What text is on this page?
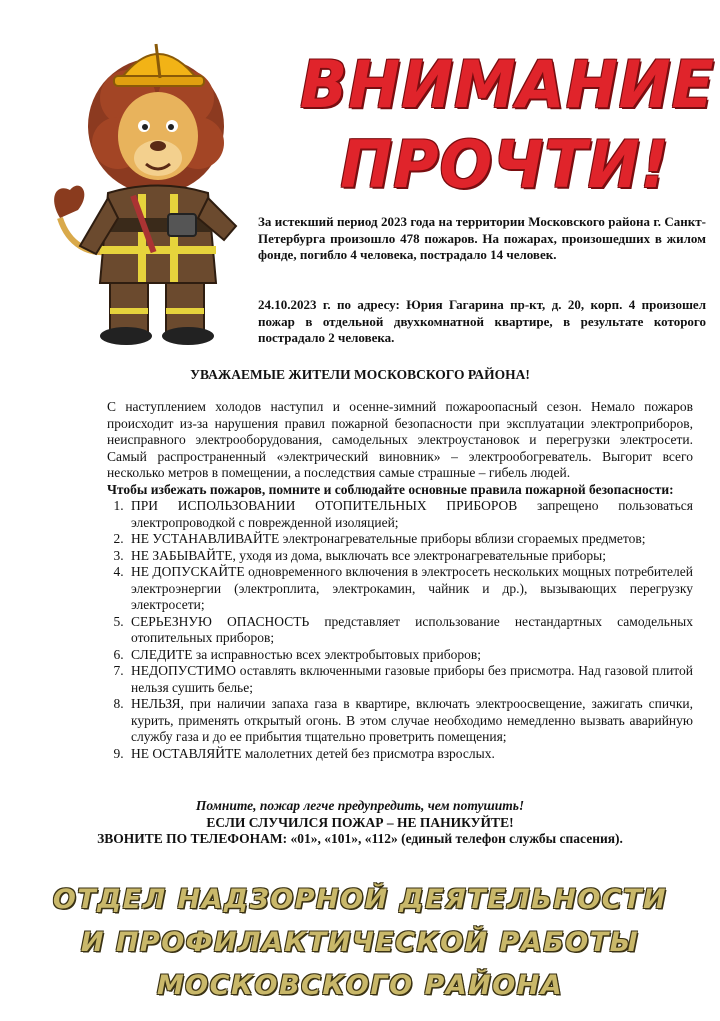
ВНИМАНИЕ
ПРОЧТИ!
За истекший период 2023 года на территории Московского района г. Санкт-Петербурга произошло 478 пожаров. На пожарах, произошедших в жилом фонде, погибло 4 человека, пострадало 14 человек.
24.10.2023 г. по адресу: Юрия Гагарина пр-кт, д. 20, корп. 4 произошел пожар в отдельной двухкомнатной квартире, в результате которого пострадало 2 человека.
УВАЖАЕМЫЕ ЖИТЕЛИ МОСКОВСКОГО РАЙОНА!

С наступлением холодов наступил и осенне-зимний пожароопасный сезон. Немало пожаров происходит из-за нарушения правил пожарной безопасности при эксплуатации электроприборов, неисправного электрооборудования, самодельных электроустановок и перегрузки электросети. Самый распространенный «электрический виновник» – электрообогреватель. Выгорит всего несколько метров в помещении, а последствия самые страшные – гибель людей.

Чтобы избежать пожаров, помните и соблюдайте основные правила пожарной безопасности:

1. ПРИ ИСПОЛЬЗОВАНИИ ОТОПИТЕЛЬНЫХ ПРИБОРОВ запрещено пользоваться электропроводкой с поврежденной изоляцией;
2. НЕ УСТАНАВЛИВАЙТЕ электронагревательные приборы вблизи сгораемых предметов;
3. НЕ ЗАБЫВАЙТЕ, уходя из дома, выключать все электронагревательные приборы;
4. НЕ ДОПУСКАЙТЕ одновременного включения в электросеть нескольких мощных потребителей электроэнергии (электроплита, электрокамин, чайник и др.), вызывающих перегрузку электросети;
5. СЕРЬЕЗНУЮ ОПАСНОСТЬ представляет использование нестандартных самодельных отопительных приборов;
6. СЛЕДИТЕ за исправностью всех электробытовых приборов;
7. НЕДОПУСТИМО оставлять включенными газовые приборы без присмотра. Над газовой плитой нельзя сушить белье;
8. НЕЛЬЗЯ, при наличии запаха газа в квартире, включать электроосвещение, зажигать спички, курить, применять открытый огонь. В этом случае необходимо немедленно вызвать аварийную службу газа и до ее прибытия тщательно проветрить помещения;
9. НЕ ОСТАВЛЯЙТЕ малолетних детей без присмотра взрослых.
Помните, пожар легче предупредить, чем потушить!
ЕСЛИ СЛУЧИЛСЯ ПОЖАР – НЕ ПАНИКУЙТЕ!
ЗВОНИТЕ ПО ТЕЛЕФОНАМ: «01», «101», «112» (единый телефон службы спасения).
ОТДЕЛ НАДЗОРНОЙ ДЕЯТЕЛЬНОСТИ
И ПРОФИЛАКТИЧЕСКОЙ РАБОТЫ
МОСКОВСКОГО РАЙОНА
